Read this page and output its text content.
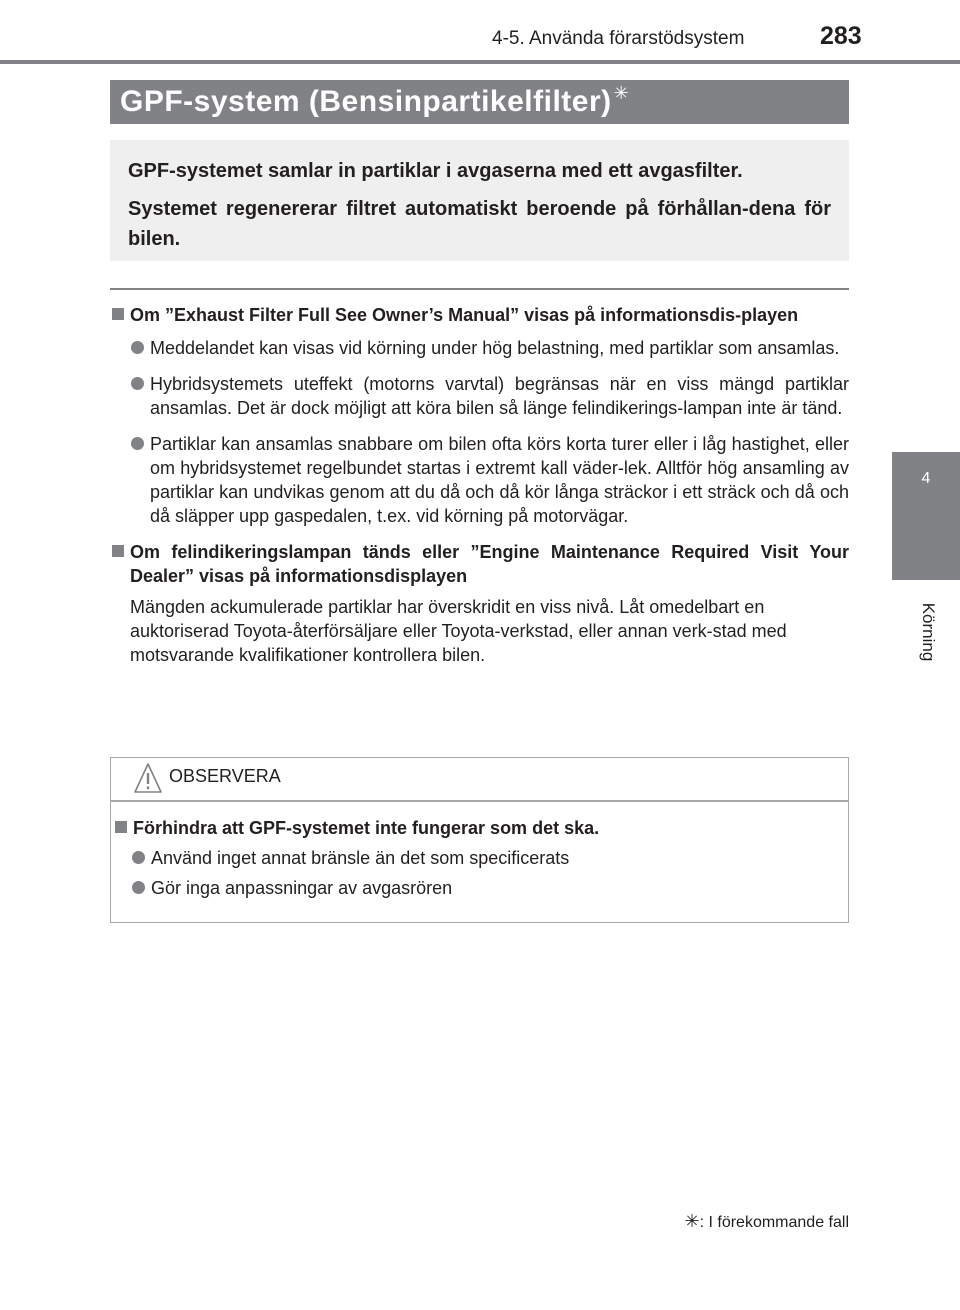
4-5. Använda förarstödsystem	283
4
Körning
GPF-system (Bensinpartikelfilter) ✳

GPF-systemet samlar in partiklar i avgaserna med ett avgasfilter.

Systemet regenererar filtret automatiskt beroende på förhållan-dena för bilen.

Om ”Exhaust Filter Full See Owner’s Manual” visas på informationsdis-playen
Meddelandet kan visas vid körning under hög belastning, med partiklar som ansamlas.
Hybridsystemets uteffekt (motorns varvtal) begränsas när en viss mängd partiklar ansamlas. Det är dock möjligt att köra bilen så länge felindikerings-lampan inte är tänd.
Partiklar kan ansamlas snabbare om bilen ofta körs korta turer eller i låg hastighet, eller om hybridsystemet regelbundet startas i extremt kall väder-lek. Alltför hög ansamling av partiklar kan undvikas genom att du då och då kör långa sträckor i ett sträck och då och då släpper upp gaspedalen, t.ex. vid körning på motorvägar.
Om felindikeringslampan tänds eller ”Engine Maintenance Required Visit Your Dealer” visas på informationsdisplayen
Mängden ackumulerade partiklar har överskridit en viss nivå. Låt omedelbart en auktoriserad Toyota-återförsäljare eller Toyota-verkstad, eller annan verk-stad med motsvarande kvalifikationer kontrollera bilen.
OBSERVERA
Förhindra att GPF-systemet inte fungerar som det ska.
Använd inget annat bränsle än det som specificerats
Gör inga anpassningar av avgasrören
✳: I förekommande fall
